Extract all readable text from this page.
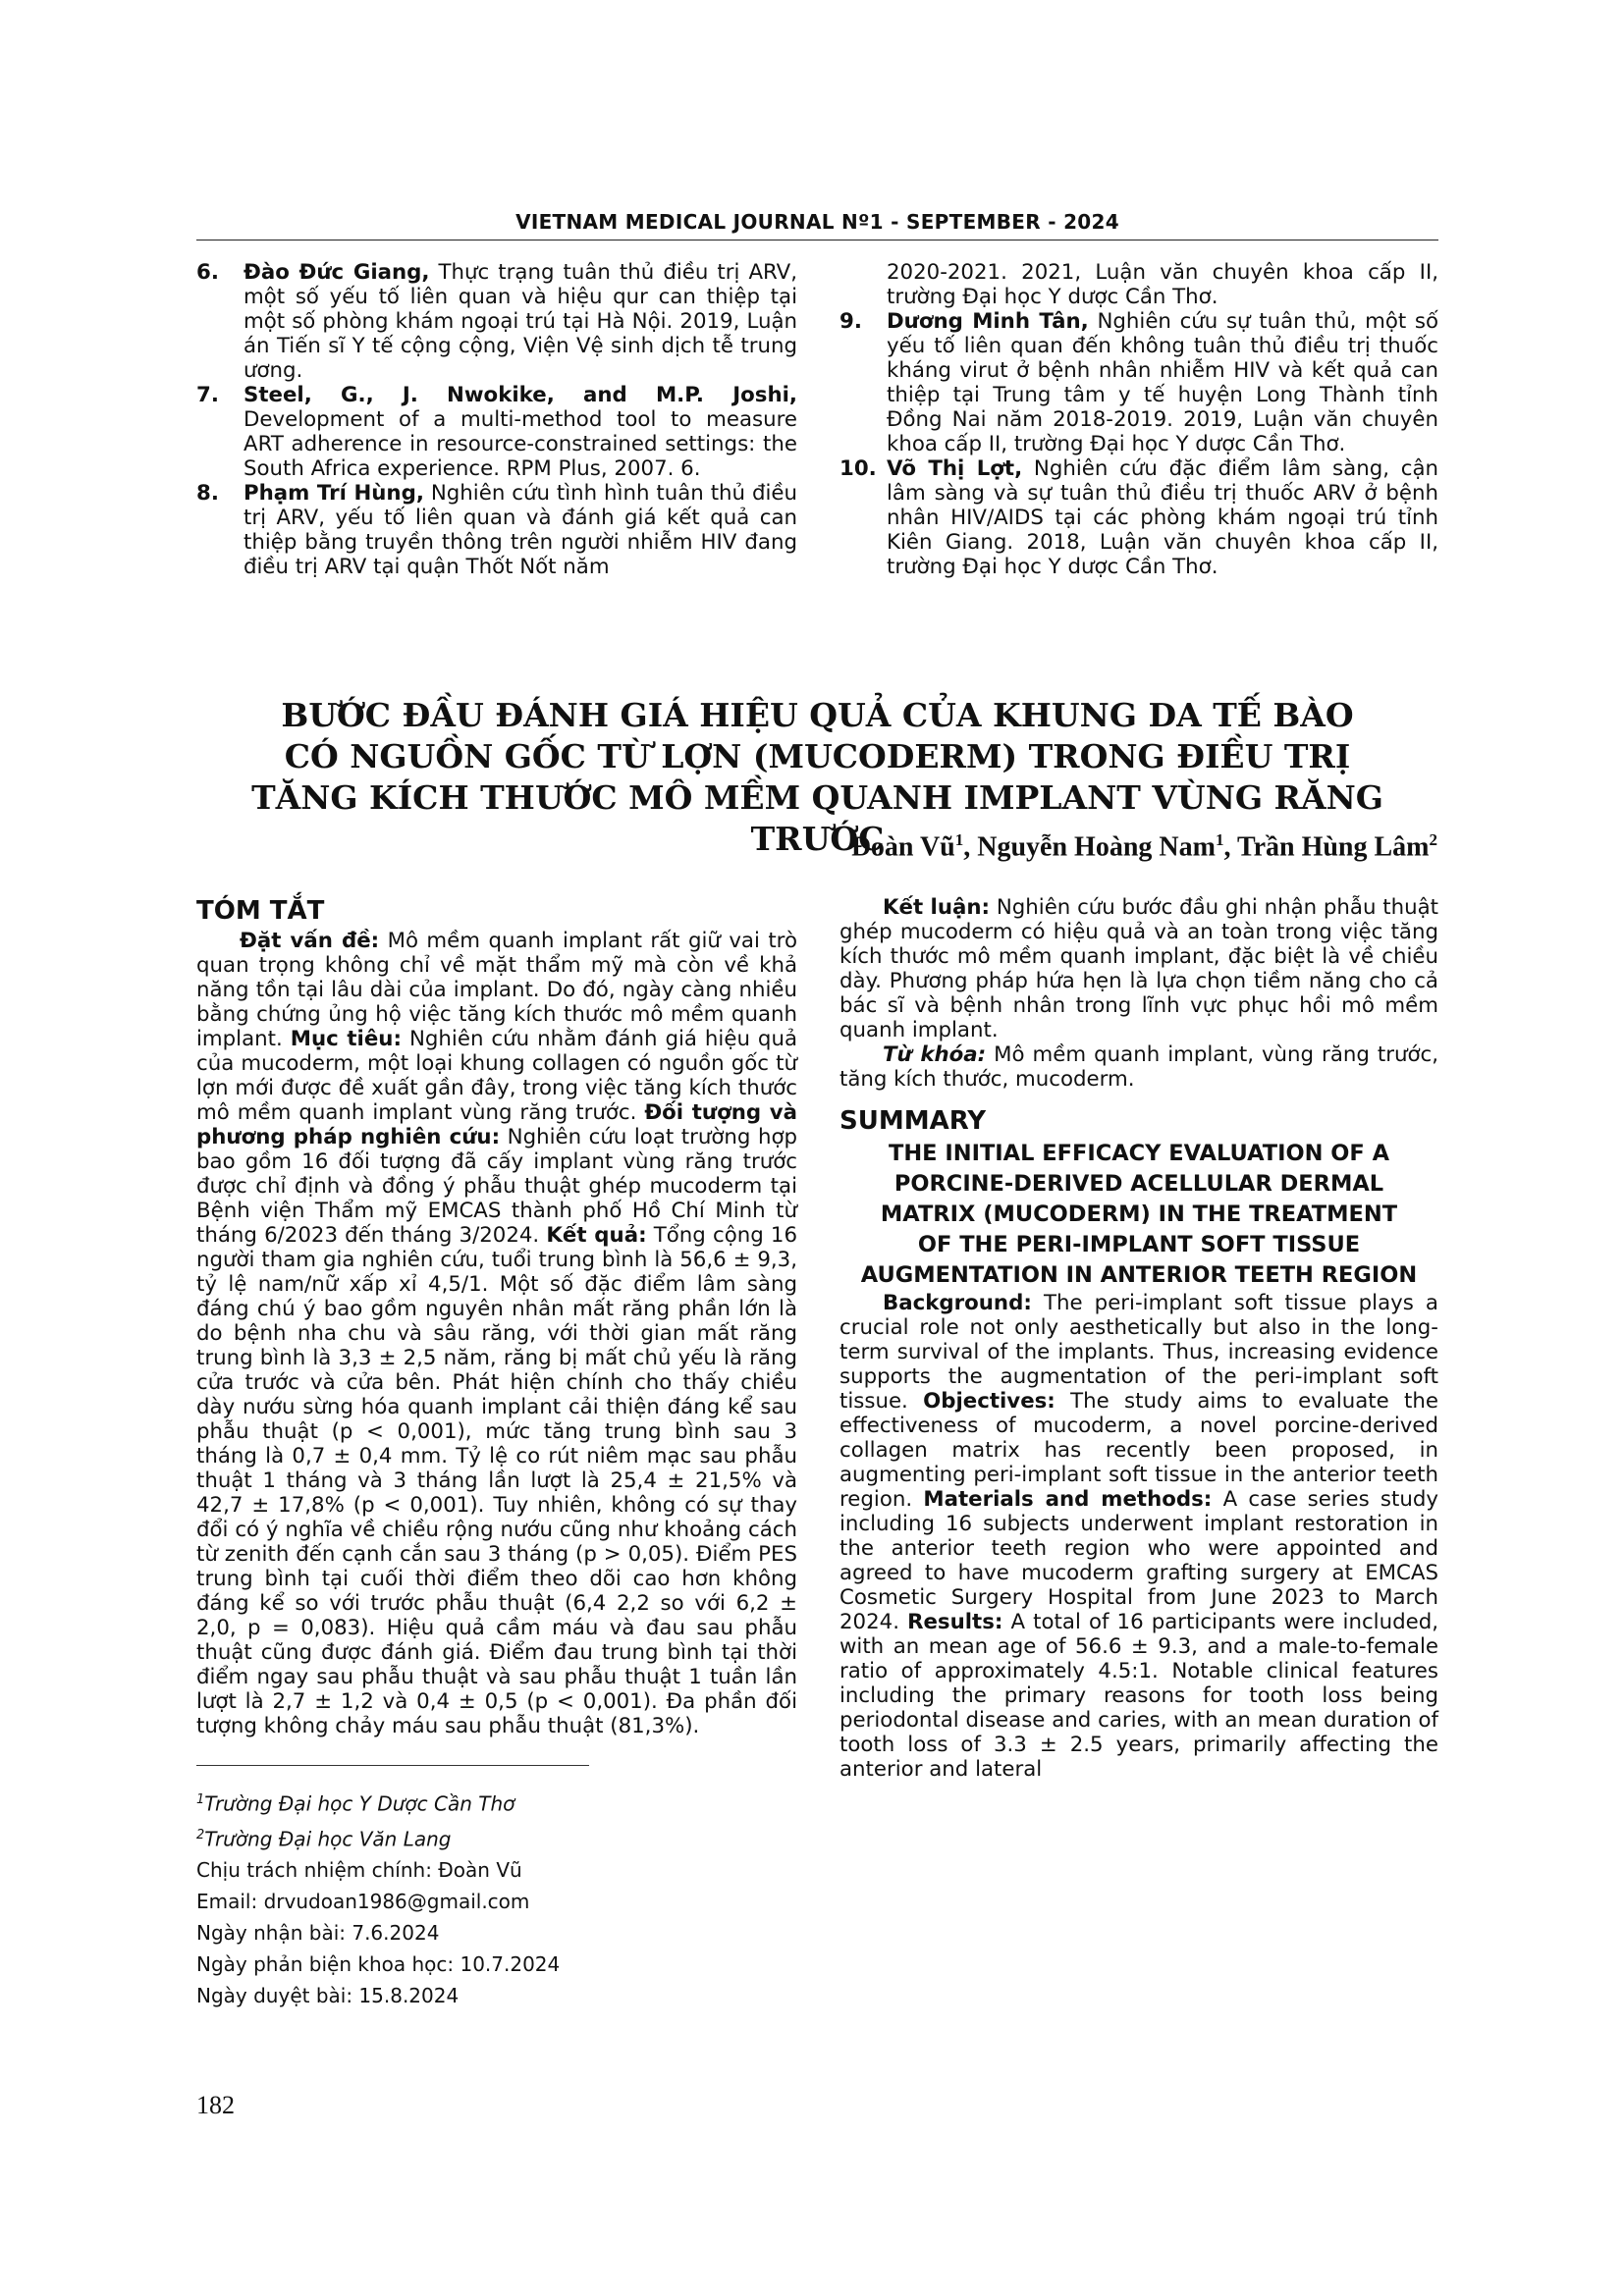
VIETNAM MEDICAL JOURNAL Nº1 - SEPTEMBER - 2024
6.	Đào Đức Giang, Thực trạng tuân thủ điều trị ARV, một số yếu tố liên quan và hiệu qur can thiệp tại một số phòng khám ngoại trú tại Hà Nội. 2019, Luận án Tiến sĩ Y tế cộng cộng, Viện Vệ sinh dịch tễ trung ương.
7.	Steel, G., J. Nwokike, and M.P. Joshi, Development of a multi-method tool to measure ART adherence in resource-constrained settings: the South Africa experience. RPM Plus, 2007. 6.
8.	Phạm Trí Hùng, Nghiên cứu tình hình tuân thủ điều trị ARV, yếu tố liên quan và đánh giá kết quả can thiệp bằng truyền thông trên người nhiễm HIV đang điều trị ARV tại quận Thốt Nốt năm
2020-2021. 2021, Luận văn chuyên khoa cấp II, trường Đại học Y dược Cần Thơ.
9.	Dương Minh Tân, Nghiên cứu sự tuân thủ, một số yếu tố liên quan đến không tuân thủ điều trị thuốc kháng virut ở bệnh nhân nhiễm HIV và kết quả can thiệp tại Trung tâm y tế huyện Long Thành tỉnh Đồng Nai năm 2018-2019. 2019, Luận văn chuyên khoa cấp II, trường Đại học Y dược Cần Thơ.
10. Võ Thị Lợt, Nghiên cứu đặc điểm lâm sàng, cận lâm sàng và sự tuân thủ điều trị thuốc ARV ở bệnh nhân HIV/AIDS tại các phòng khám ngoại trú tỉnh Kiên Giang. 2018, Luận văn chuyên khoa cấp II, trường Đại học Y dược Cần Thơ.
BƯỚC ĐẦU ĐÁNH GIÁ HIỆU QUẢ CỦA KHUNG DA TẾ BÀO
CÓ NGUỒN GỐC TỪ LỢN (MUCODERM) TRONG ĐIỀU TRỊ
TĂNG KÍCH THƯỚC MÔ MỀM QUANH IMPLANT VÙNG RĂNG TRƯỚC
Đoàn $Vũ^1$, Nguyễn Hoàng Nam$^1$, Trần Hùng Lâm$^2$
TÓM TẮT

Đặt vấn đề: Mô mềm quanh implant rất giữ vai trò quan trọng không chỉ về mặt thẩm mỹ mà còn về khả năng tồn tại lâu dài của implant. Do đó, ngày càng nhiều bằng chứng ủng hộ việc tăng kích thước mô mềm quanh implant. Mục tiêu: Nghiên cứu nhằm đánh giá hiệu quả của mucoderm, một loại khung collagen có nguồn gốc từ lợn mới được đề xuất gần đây, trong việc tăng kích thước mô mềm quanh implant vùng răng trước. Đối tượng và phương pháp nghiên cứu: Nghiên cứu loạt trường hợp bao gồm 16 đối tượng đã cấy implant vùng răng trước được chỉ định và đồng ý phẫu thuật ghép mucoderm tại Bệnh viện Thẩm mỹ EMCAS thành phố Hồ Chí Minh từ tháng 6/2023 đến tháng 3/2024. Kết quả: Tổng cộng 16 người tham gia nghiên cứu, tuổi trung bình là 56,6 ± 9,3, tỷ lệ nam/nữ xấp xỉ 4,5/1. Một số đặc điểm lâm sàng đáng chú ý bao gồm nguyên nhân mất răng phần lớn là do bệnh nha chu và sâu răng, với thời gian mất răng trung bình là 3,3 ± 2,5 năm, răng bị mất chủ yếu là răng cửa trước và cửa bên. Phát hiện chính cho thấy chiều dày nướu sừng hóa quanh implant cải thiện đáng kể sau phẫu thuật (p < 0,001), mức tăng trung bình sau 3 tháng là 0,7 ± 0,4 mm. Tỷ lệ co rút niêm mạc sau phẫu thuật 1 tháng và 3 tháng lần lượt là 25,4 ± 21,5% và 42,7 ± 17,8% (p < 0,001). Tuy nhiên, không có sự thay đổi có ý nghĩa về chiều rộng nướu cũng như khoảng cách từ zenith đến cạnh cắn sau 3 tháng (p > 0,05). Điểm PES trung bình tại cuối thời điểm theo dõi cao hơn không đáng kể so với trước phẫu thuật (6,4 2,2 so với 6,2 ± 2,0, p = 0,083). Hiệu quả cầm máu và đau sau phẫu thuật cũng được đánh giá. Điểm đau trung bình tại thời điểm ngay sau phẫu thuật và sau phẫu thuật 1 tuần lần lượt là 2,7 ± 1,2 và 0,4 ± 0,5 (p < 0,001). Đa phần đối tượng không chảy máu sau phẫu thuật (81,3%).

Kết luận: Nghiên cứu bước đầu ghi nhận phẫu thuật ghép mucoderm có hiệu quả và an toàn trong việc tăng kích thước mô mềm quanh implant, đặc biệt là về chiều dày. Phương pháp hứa hẹn là lựa chọn tiềm năng cho cả bác sĩ và bệnh nhân trong lĩnh vực phục hồi mô mềm quanh implant.

Từ khóa: Mô mềm quanh implant, vùng răng trước, tăng kích thước, mucoderm.

SUMMARY
THE INITIAL EFFICACY EVALUATION OF A
PORCINE-DERIVED ACELLULAR DERMAL
MATRIX (MUCODERM) IN THE TREATMENT
OF THE PERI-IMPLANT SOFT TISSUE
AUGMENTATION IN ANTERIOR TEETH REGION

Background: The peri-implant soft tissue plays a crucial role not only aesthetically but also in the long-term survival of the implants. Thus, increasing evidence supports the augmentation of the peri-implant soft tissue. Objectives: The study aims to evaluate the effectiveness of mucoderm, a novel porcine-derived collagen matrix has recently been proposed, in augmenting peri-implant soft tissue in the anterior teeth region. Materials and methods: A case series study including 16 subjects underwent implant restoration in the anterior teeth region who were appointed and agreed to have mucoderm grafting surgery at EMCAS Cosmetic Surgery Hospital from June 2023 to March 2024. Results: A total of 16 participants were included, with an mean age of 56.6 ± 9.3, and a male-to-female ratio of approximately 4.5:1. Notable clinical features including the primary reasons for tooth loss being periodontal disease and caries, with an mean duration of tooth loss of 3.3 ± 2.5 years, primarily affecting the anterior and lateral

$^1$Trường Đại học Y Dược Cần Thơ
$^2$Trường Đại học Văn Lang
Chịu trách nhiệm chính: Đoàn Vũ
Email: drvudoan1986@gmail.com
Ngày nhận bài: 7.6.2024
Ngày phản biện khoa học: 10.7.2024
Ngày duyệt bài: 15.8.2024
182
